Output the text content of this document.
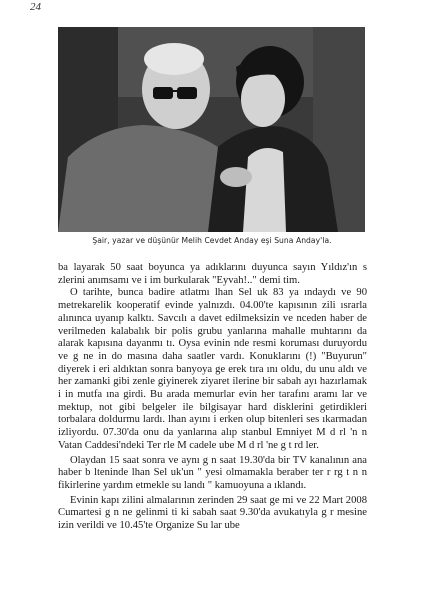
24
Şair, yazar ve düşünür Melih Cevdet Anday eşi Suna Anday'la.

ba layarak 50 saat boyunca ya adıklarını duyunca sayın Yıldız'ın s zlerini anımsamı ve i im burkularak "Eyvah!.." demi tim.

O tarihte, bunca badire atlatmı lhan Sel uk 83 ya ındaydı ve 90 metrekarelik kooperatif evinde yalnızdı. 04.00'te kapısının zili ısrarla alınınca uyanıp kalktı. Savcılı a davet edilmeksizin ve nceden haber de verilmeden kalabalık bir polis grubu yanlarına mahalle muhtarını da alarak kapısına dayanmı tı. Oysa evinin nde resmi koruması duruyordu ve g ne in do masına daha saatler vardı. Konuklarını (!) "Buyurun" diyerek i eri aldıktan sonra banyoya ge erek tıra ını oldu, du unu aldı ve her zamanki gibi zenle giyinerek ziyaret ilerine bir sabah ayı hazırlamak i in mutfa ına girdi. Bu arada memurlar evin her tarafını aramı lar ve mektup, not gibi belgeler ile bilgisayar hard disklerini getirdikleri torbalara doldurmu lardı. lhan ayını i erken olup bitenleri ses ıkarmadan izliyordu. 07.30'da onu da yanlarına alıp stanbul Emniyet M d rl 'n n Vatan Caddesi'ndeki Ter rle M cadele ube M d rl 'ne g t rd ler.

Olaydan 15 saat sonra ve aynı g n saat 19.30'da bir TV kanalının ana haber b lteninde lhan Sel uk'un " yesi olmamakla beraber ter r rg t n n fikirlerine yardım etmekle su landı " kamuoyuna a ıklandı.

Evinin kapı zilini almalarının zerinden 29 saat ge mi ve 22 Mart 2008 Cumartesi g n ne gelinmi ti ki sabah saat 9.30'da avukatıyla g r mesine izin verildi ve 10.45'te Organize Su lar ube
